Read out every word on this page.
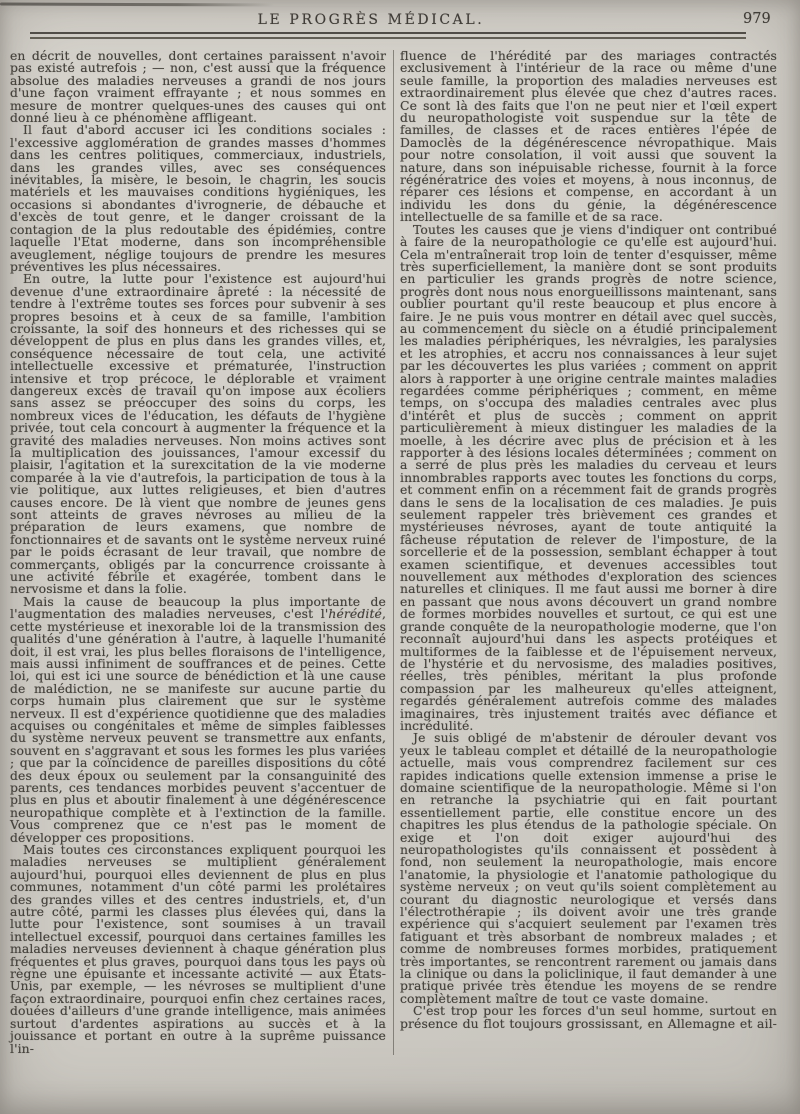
LE PROGRÈS MÉDICAL.	979

en décrit de nouvelles, dont certaines paraissent n'avoir pas existé autrefois ; — non, c'est aussi que la fréquence absolue des maladies nerveuses a grandi de nos jours d'une façon vraiment effrayante ; et nous sommes en mesure de montrer quelques-unes des causes qui ont donné lieu à ce phénomène affligeant.

Il faut d'abord accuser ici les conditions sociales : l'excessive agglomération de grandes masses d'hommes dans les centres politiques, commerciaux, industriels, dans les grandes villes, avec ses conséquences inévitables, la misère, le besoin, le chagrin, les soucis matériels et les mauvaises conditions hygiéniques, les occasions si abondantes d'ivrognerie, de débauche et d'excès de tout genre, et le danger croissant de la contagion de la plus redoutable des épidémies, contre laquelle l'Etat moderne, dans son incompréhensible aveuglement, néglige toujours de prendre les mesures préventives les plus nécessaires.

En outre, la lutte pour l'existence est aujourd'hui devenue d'une extraordinaire âpreté : la nécessité de tendre à l'extrême toutes ses forces pour subvenir à ses propres besoins et à ceux de sa famille, l'ambition croissante, la soif des honneurs et des richesses qui se développent de plus en plus dans les grandes villes, et, conséquence nécessaire de tout cela, une activité intellectuelle excessive et prématurée, l'instruction intensive et trop précoce, le déplorable et vraiment dangereux excès de travail qu'on impose aux écoliers sans assez se préoccuper des soins du corps, les nombreux vices de l'éducation, les défauts de l'hygiène privée, tout cela concourt à augmenter la fréquence et la gravité des maladies nerveuses. Non moins actives sont la multiplication des jouissances, l'amour excessif du plaisir, l'agitation et la surexcitation de la vie moderne comparée à la vie d'autrefois, la participation de tous à la vie politique, aux luttes religieuses, et bien d'autres causes encore. De là vient que nombre de jeunes gens sont atteints de graves névroses au milieu de la préparation de leurs examens, que nombre de fonctionnaires et de savants ont le système nerveux ruiné par le poids écrasant de leur travail, que nombre de commerçants, obligés par la concurrence croissante à une activité fébrile et exagérée, tombent dans le nervosisme et dans la folie.

Mais la cause de beaucoup la plus importante de l'augmentation des maladies nerveuses, c'est l'hérédité, cette mystérieuse et inexorable loi de la transmission des qualités d'une génération à l'autre, à laquelle l'humanité doit, il est vrai, les plus belles floraisons de l'intelligence, mais aussi infiniment de souffrances et de peines. Cette loi, qui est ici une source de bénédiction et là une cause de malédiction, ne se manifeste sur aucune partie du corps humain plus clairement que sur le système nerveux. Il est d'expérience quotidienne que des maladies acquises ou congénitales et même de simples faiblesses du système nerveux peuvent se transmettre aux enfants, souvent en s'aggravant et sous les formes les plus variées ; que par la coïncidence de pareilles dispositions du côté des deux époux ou seulement par la consanguinité des parents, ces tendances morbides peuvent s'accentuer de plus en plus et aboutir finalement à une dégénérescence neuropathique complète et à l'extinction de la famille. Vous comprenez que ce n'est pas le moment de développer ces propositions.

Mais toutes ces circonstances expliquent pourquoi les maladies nerveuses se multiplient généralement aujourd'hui, pourquoi elles deviennent de plus en plus communes, notamment d'un côté parmi les prolétaires des grandes villes et des centres industriels, et, d'un autre côté, parmi les classes plus élevées qui, dans la lutte pour l'existence, sont soumises à un travail intellectuel excessif, pourquoi dans certaines familles les maladies nerveuses deviennent à chaque génération plus fréquentes et plus graves, pourquoi dans tous les pays où règne une épuisante et incessante activité — aux Etats-Unis, par exemple, — les névroses se multiplient d'une façon extraordinaire, pourquoi enfin chez certaines races, douées d'ailleurs d'une grande intelligence, mais animées surtout d'ardentes aspirations au succès et à la jouissance et portant en outre à la suprême puissance l'in-

fluence de l'hérédité par des mariages contractés exclusivement à l'intérieur de la race ou même d'une seule famille, la proportion des maladies nerveuses est extraordinairement plus élevée que chez d'autres races. Ce sont là des faits que l'on ne peut nier et l'œil expert du neuropathologiste voit suspendue sur la tête de familles, de classes et de races entières l'épée de Damoclès de la dégénérescence névropathique. Mais pour notre consolation, il voit aussi que souvent la nature, dans son inépuisable richesse, fournit à la force régénératrice des voies et moyens, à nous inconnus, de réparer ces lésions et compense, en accordant à un individu les dons du génie, la dégénérescence intellectuelle de sa famille et de sa race.

Toutes les causes que je viens d'indiquer ont contribué à faire de la neuropathologie ce qu'elle est aujourd'hui. Cela m'entraînerait trop loin de tenter d'esquisser, même très superficiellement, la manière dont se sont produits en particulier les grands progrès de notre science, progrès dont nous nous enorgueillissons maintenant, sans oublier pourtant qu'il reste beaucoup et plus encore à faire. Je ne puis vous montrer en détail avec quel succès, au commencement du siècle on a étudié principalement les maladies périphériques, les névralgies, les paralysies et les atrophies, et accru nos connaissances à leur sujet par les découvertes les plus variées ; comment on apprit alors à rapporter à une origine centrale maintes maladies regardées comme périphériques ; comment, en même temps, on s'occupa des maladies centrales avec plus d'intérêt et plus de succès ; comment on apprit particulièrement à mieux distinguer les maladies de la moelle, à les décrire avec plus de précision et à les rapporter à des lésions locales déterminées ; comment on a serré de plus près les maladies du cerveau et leurs innombrables rapports avec toutes les fonctions du corps, et comment enfin on a récemment fait de grands progrès dans le sens de la localisation de ces maladies. Je puis seulement rappeler très brièvement ces grandes et mystérieuses névroses, ayant de toute antiquité la fâcheuse réputation de relever de l'imposture, de la sorcellerie et de la possession, semblant échapper à tout examen scientifique, et devenues accessibles tout nouvellement aux méthodes d'exploration des sciences naturelles et cliniques. Il me faut aussi me borner à dire en passant que nous avons découvert un grand nombre de formes morbides nouvelles et surtout, ce qui est une grande conquête de la neuropathologie moderne, que l'on reconnaît aujourd'hui dans les aspects protéiques et multiformes de la faiblesse et de l'épuisement nerveux, de l'hystérie et du nervosisme, des maladies positives, réelles, très pénibles, méritant la plus profonde compassion par les malheureux qu'elles atteignent, regardés généralement autrefois comme des malades imaginaires, très injustement traités avec défiance et incrédulité.

Je suis obligé de m'abstenir de dérouler devant vos yeux le tableau complet et détaillé de la neuropathologie actuelle, mais vous comprendrez facilement sur ces rapides indications quelle extension immense a prise le domaine scientifique de la neuropathologie. Même si l'on en retranche la psychiatrie qui en fait pourtant essentiellement partie, elle constitue encore un des chapitres les plus étendus de la pathologie spéciale. On exige et l'on doit exiger aujourd'hui des neuropathologistes qu'ils connaissent et possèdent à fond, non seulement la neuropathologie, mais encore l'anatomie, la physiologie et l'anatomie pathologique du système nerveux ; on veut qu'ils soient complètement au courant du diagnostic neurologique et versés dans l'électrothérapie ; ils doivent avoir une très grande expérience qui s'acquiert seulement par l'examen très fatiguant et très absorbant de nombreux malades ; et comme de nombreuses formes morbides, pratiquement très importantes, se rencontrent rarement ou jamais dans la clinique ou dans la policlinique, il faut demander à une pratique privée très étendue les moyens de se rendre complètement maître de tout ce vaste domaine.

C'est trop pour les forces d'un seul homme, surtout en présence du flot toujours grossissant, en Allemagne et ail-
